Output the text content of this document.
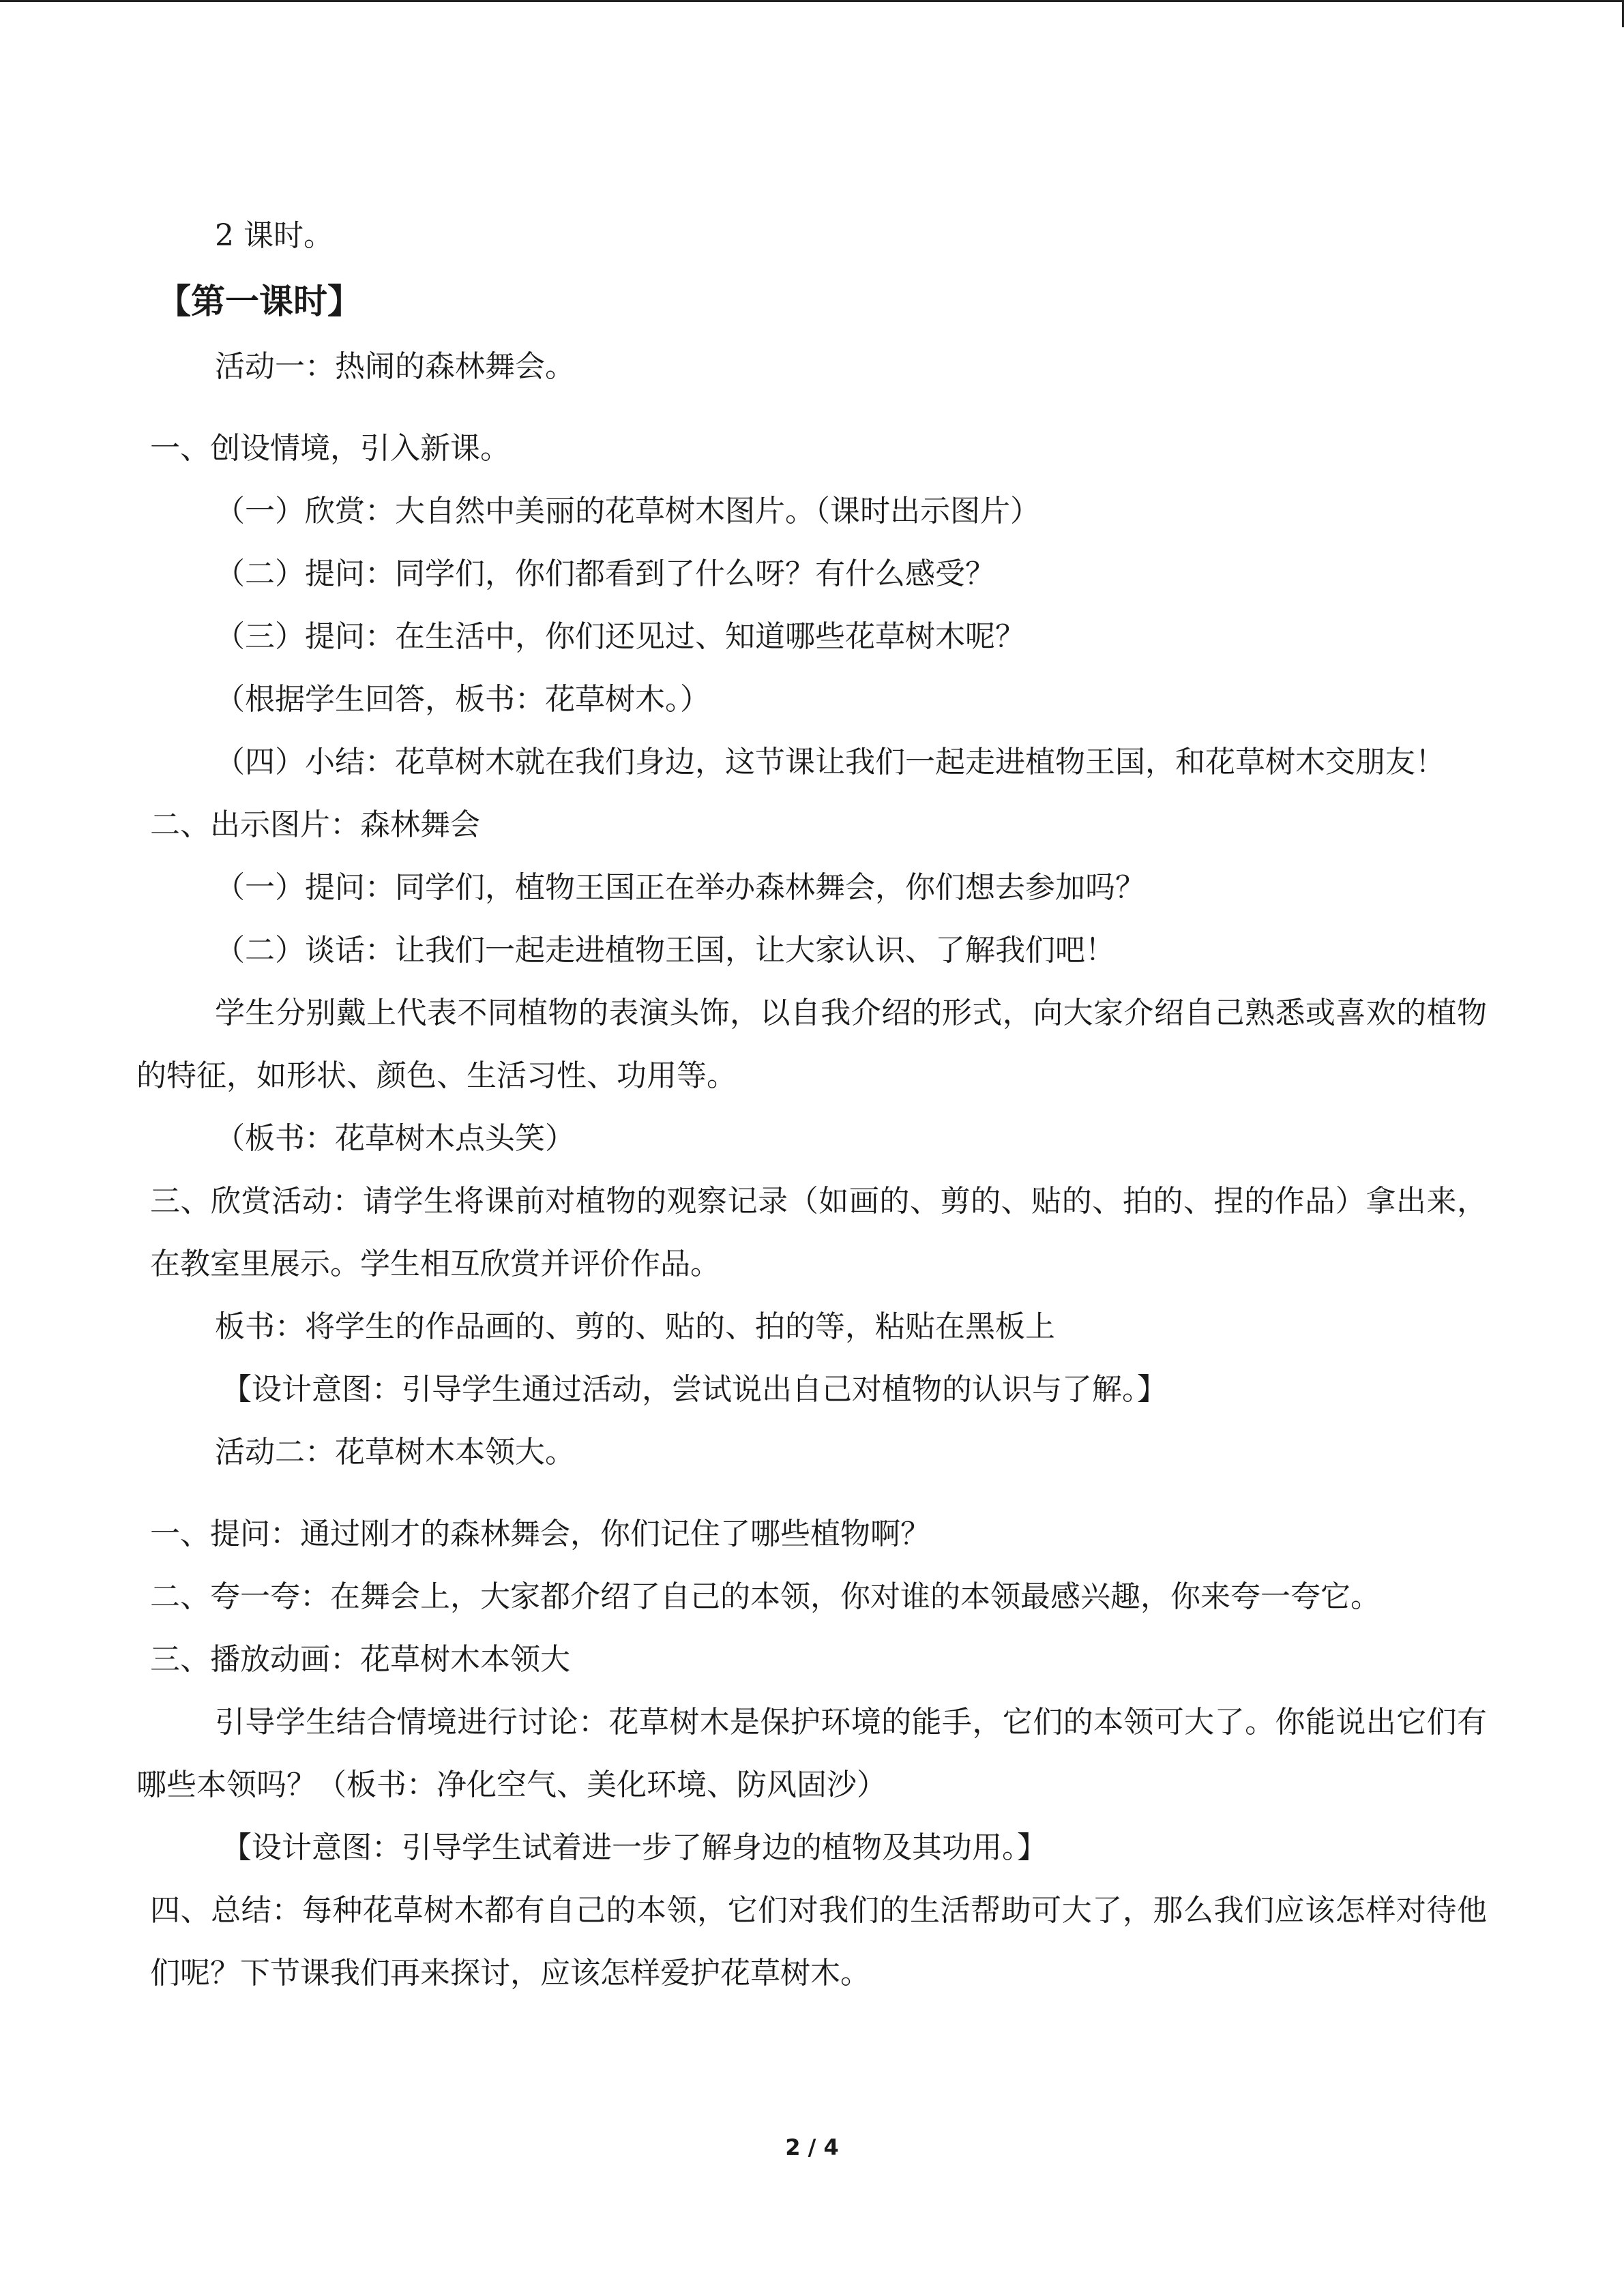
2 课时。
【第一课时】
活动一：热闹的森林舞会。
一、创设情境，引入新课。
（一）欣赏：大自然中美丽的花草树木图片。（课时出示图片）
（二）提问：同学们，你们都看到了什么呀？有什么感受？
（三）提问：在生活中，你们还见过、知道哪些花草树木呢？
（根据学生回答，板书：花草树木。）
（四）小结：花草树木就在我们身边，这节课让我们一起走进植物王国，和花草树木交朋友！
二、出示图片：森林舞会
（一）提问：同学们，植物王国正在举办森林舞会，你们想去参加吗？
（二）谈话：让我们一起走进植物王国，让大家认识、了解我们吧！
学生分别戴上代表不同植物的表演头饰，以自我介绍的形式，向大家介绍自己熟悉或喜欢的植物的特征，如形状、颜色、生活习性、功用等。
（板书：花草树木点头笑）
三、欣赏活动：请学生将课前对植物的观察记录（如画的、剪的、贴的、拍的、捏的作品）拿出来，在教室里展示。学生相互欣赏并评价作品。
板书：将学生的作品画的、剪的、贴的、拍的等，粘贴在黑板上
【设计意图：引导学生通过活动，尝试说出自己对植物的认识与了解。】
活动二：花草树木本领大。
一、提问：通过刚才的森林舞会，你们记住了哪些植物啊？
二、夸一夸：在舞会上，大家都介绍了自己的本领，你对谁的本领最感兴趣，你来夸一夸它。
三、播放动画：花草树木本领大
引导学生结合情境进行讨论：花草树木是保护环境的能手，它们的本领可大了。你能说出它们有哪些本领吗？（板书：净化空气、美化环境、防风固沙）
【设计意图：引导学生试着进一步了解身边的植物及其功用。】
四、总结：每种花草树木都有自己的本领，它们对我们的生活帮助可大了，那么我们应该怎样对待他们呢？下节课我们再来探讨，应该怎样爱护花草树木。
2 / 4
